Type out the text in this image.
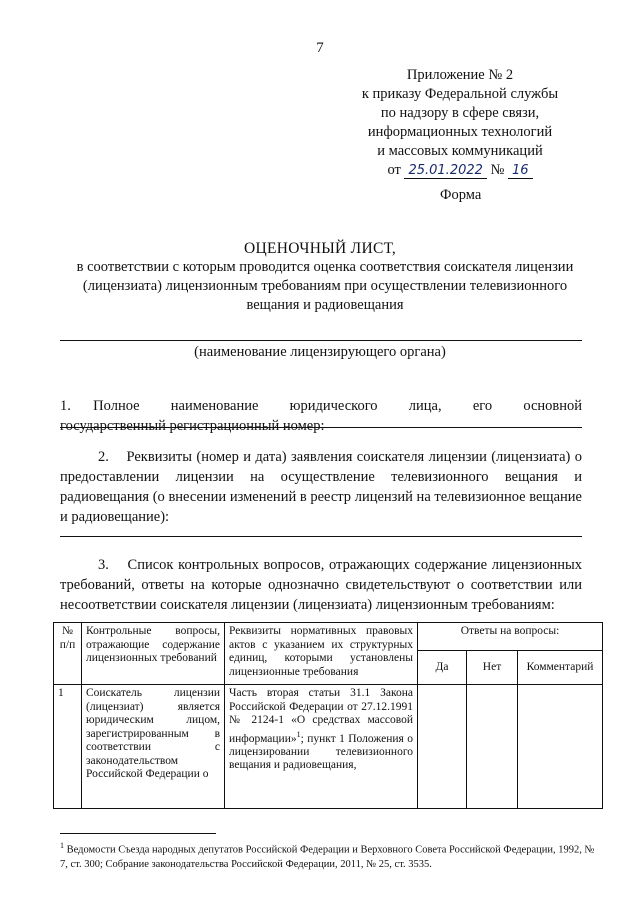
7
Приложение № 2
к приказу Федеральной службы
по надзору в сфере связи,
информационных технологий
и массовых коммуникаций
от 25.01.2022 № 16
Форма
ОЦЕНОЧНЫЙ ЛИСТ,
в соответствии с которым проводится оценка соответствия соискателя лицензии (лицензиата) лицензионным требованиям при осуществлении телевизионного вещания и радиовещания
(наименование лицензирующего органа)
1.     Полное       наименование       юридического       лица,       его       основной государственный регистрационный номер:
2.    Реквизиты (номер и дата) заявления соискателя лицензии (лицензиата) о предоставлении лицензии на осуществление телевизионного вещания и радиовещания (о внесении изменений в реестр лицензий на телевизионное вещание и радиовещание):
3.    Список контрольных вопросов, отражающих содержание лицензионных требований, ответы на которые однозначно свидетельствуют о соответствии или несоответствии соискателя лицензии (лицензиата) лицензионным требованиям:
№ п/п	Контрольные вопросы, отражающие содержание лицензионных требований	Реквизиты нормативных правовых актов с указанием их структурных единиц, которыми установлены лицензионные требования	Ответы на вопросы:		
			Да	Нет	Комментарий
1	Соискатель лицензии (лицензиат) является юридическим лицом, зарегистрированным в соответствии с законодательством Российской Федерации о	Часть вторая статьи 31.1 Закона Российской Федерации от 27.12.1991 № 2124-1 «О средствах массовой информации»$^1$; пункт 1 Положения о лицензировании телевизионного вещания и радиовещания,			
$^1$ Ведомости Съезда народных депутатов Российской Федерации и Верховного Совета Российской Федерации, 1992, № 7, ст. 300; Собрание законодательства Российской Федерации, 2011, № 25, ст. 3535.
